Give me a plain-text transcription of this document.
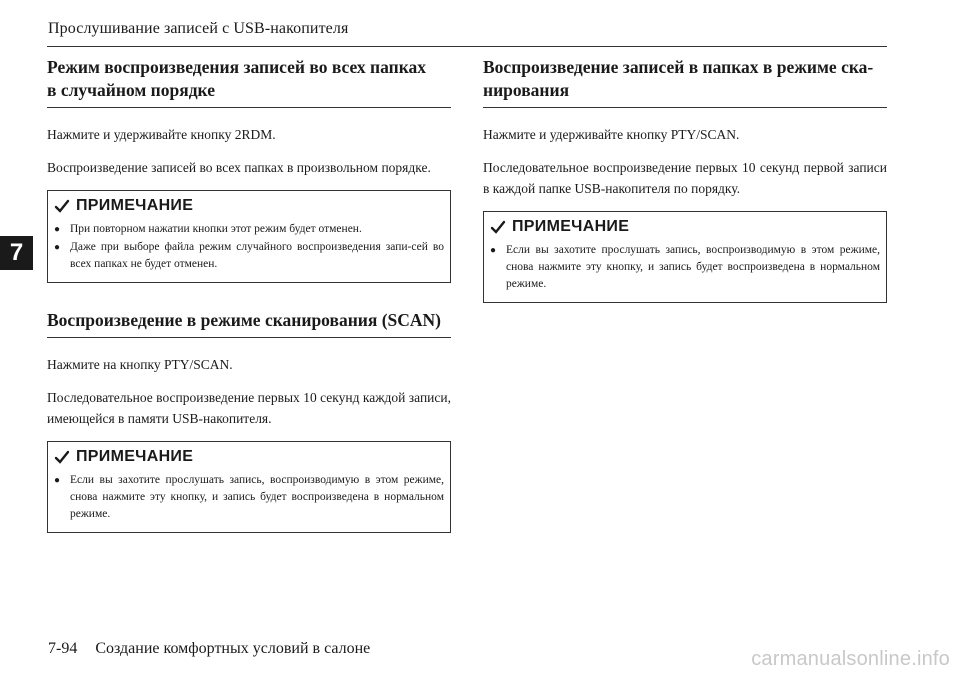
Прослушивание записей с USB-накопителя
7
Режим воспроизведения записей во всех папках
в случайном порядке

Нажмите и удерживайте кнопку 2RDM.

Воспроизведение записей во всех папках в произвольном порядке.

ПРИМЕЧАНИЕ
● При повторном нажатии кнопки этот режим будет отменен.
● Даже при выборе файла режим случайного воспроизведения запи-сей во всех папках не будет отменен.
Воспроизведение в режиме сканирования (SCAN)

Нажмите на кнопку PTY/SCAN.

Последовательное воспроизведение первых 10 секунд каждой записи, имеющейся в памяти USB-накопителя.

ПРИМЕЧАНИЕ
● Если вы захотите прослушать запись, воспроизводимую в этом режиме, снова нажмите эту кнопку, и запись будет воспроизведена в нормальном режиме.
Воспроизведение записей в папках в режиме ска-
нирования

Нажмите и удерживайте кнопку PTY/SCAN.

Последовательное воспроизведение первых 10 секунд первой записи в каждой папке USB-накопителя по порядку.

ПРИМЕЧАНИЕ
● Если вы захотите прослушать запись, воспроизводимую в этом режиме, снова нажмите эту кнопку, и запись будет воспроизведена в нормальном режиме.
7-94 Создание комфортных условий в салоне	carmanualsonline.info
